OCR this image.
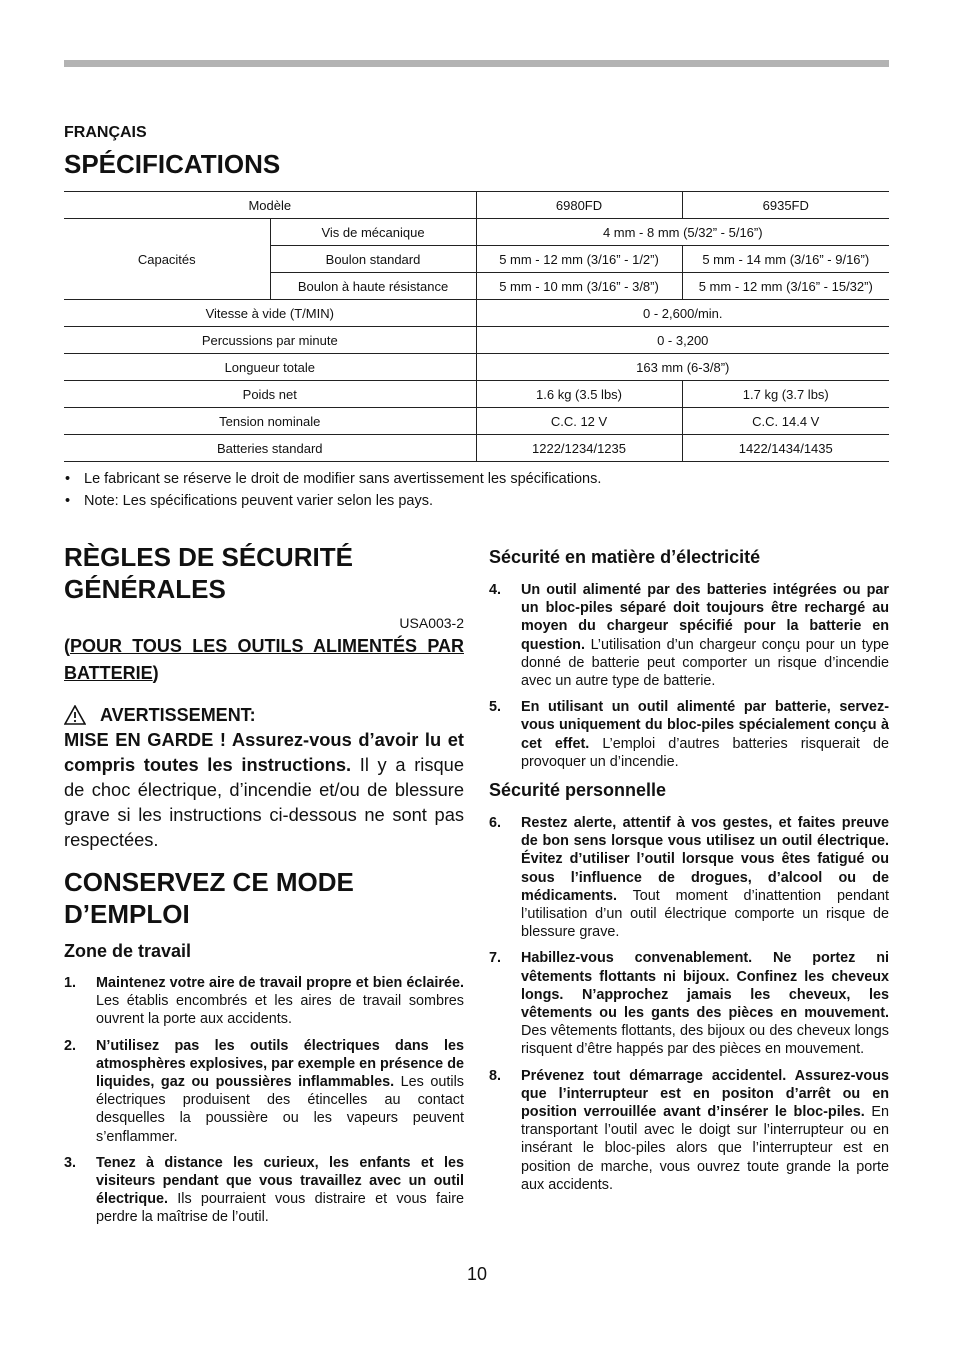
FRANÇAIS
SPÉCIFICATIONS
Modèle		6980FD	6935FD
Capacités	Vis de mécanique	4 mm - 8 mm (5/32” - 5/16”)	
	Boulon standard	5 mm - 12 mm (3/16” - 1/2”)	5 mm - 14 mm (3/16” - 9/16”)
	Boulon à haute résistance	5 mm - 10 mm (3/16” - 3/8”)	5 mm - 12 mm (3/16” - 15/32”)
Vitesse à vide (T/MIN)		0 - 2,600/min.	
Percussions par minute		0 - 3,200	
Longueur totale		163 mm (6-3/8”)	
Poids net		1.6 kg (3.5 lbs)	1.7 kg (3.7 lbs)
Tension nominale		C.C. 12 V	C.C. 14.4 V
Batteries standard		1222/1234/1235	1422/1434/1435
• Le fabricant se réserve le droit de modifier sans avertissement les spécifications.
• Note: Les spécifications peuvent varier selon les pays.
RÈGLES DE SÉCURITÉ
GÉNÉRALES
USA003-2
(POUR TOUS LES OUTILS ALIMENTÉS PAR BATTERIE)
AVERTISSEMENT:
MISE EN GARDE ! Assurez-vous d’avoir lu et compris toutes les instructions. Il y a risque de choc électrique, d’incendie et/ou de blessure grave si les instructions ci-dessous ne sont pas respectées.
CONSERVEZ CE MODE
D’EMPLOI
Zone de travail
1. Maintenez votre aire de travail propre et bien éclairée. Les établis encombrés et les aires de travail sombres ouvrent la porte aux accidents.
2. N’utilisez pas les outils électriques dans les atmosphères explosives, par exemple en présence de liquides, gaz ou poussières inflammables. Les outils électriques produisent des étincelles au contact desquelles la poussière ou les vapeurs peuvent s’enflammer.
3. Tenez à distance les curieux, les enfants et les visiteurs pendant que vous travaillez avec un outil électrique. Ils pourraient vous distraire et vous faire perdre la maîtrise de l’outil.
Sécurité en matière d’électricité
4. Un outil alimenté par des batteries intégrées ou par un bloc-piles séparé doit toujours être rechargé au moyen du chargeur spécifié pour la batterie en question. L’utilisation d’un chargeur conçu pour un type donné de batterie peut comporter un risque d’incendie avec un autre type de batterie.
5. En utilisant un outil alimenté par batterie, servez-vous uniquement du bloc-piles spécialement conçu à cet effet. L’emploi d’autres batteries risquerait de provoquer un d’incendie.
Sécurité personnelle
6. Restez alerte, attentif à vos gestes, et faites preuve de bon sens lorsque vous utilisez un outil électrique. Évitez d’utiliser l’outil lorsque vous êtes fatigué ou sous l’influence de drogues, d’alcool ou de médicaments. Tout moment d’inattention pendant l’utilisation d’un outil électrique comporte un risque de blessure grave.
7. Habillez-vous convenablement. Ne portez ni vêtements flottants ni bijoux. Confinez les cheveux longs. N’approchez jamais les cheveux, les vêtements ou les gants des pièces en mouvement. Des vêtements flottants, des bijoux ou des cheveux longs risquent d’être happés par des pièces en mouvement.
8. Prévenez tout démarrage accidentel. Assurez-vous que l’interrupteur est en positon d’arrêt ou en position verrouillée avant d’insérer le bloc-piles. En transportant l’outil avec le doigt sur l’interrupteur ou en insérant le bloc-piles alors que l’interrupteur est en position de marche, vous ouvrez toute grande la porte aux accidents.
10
